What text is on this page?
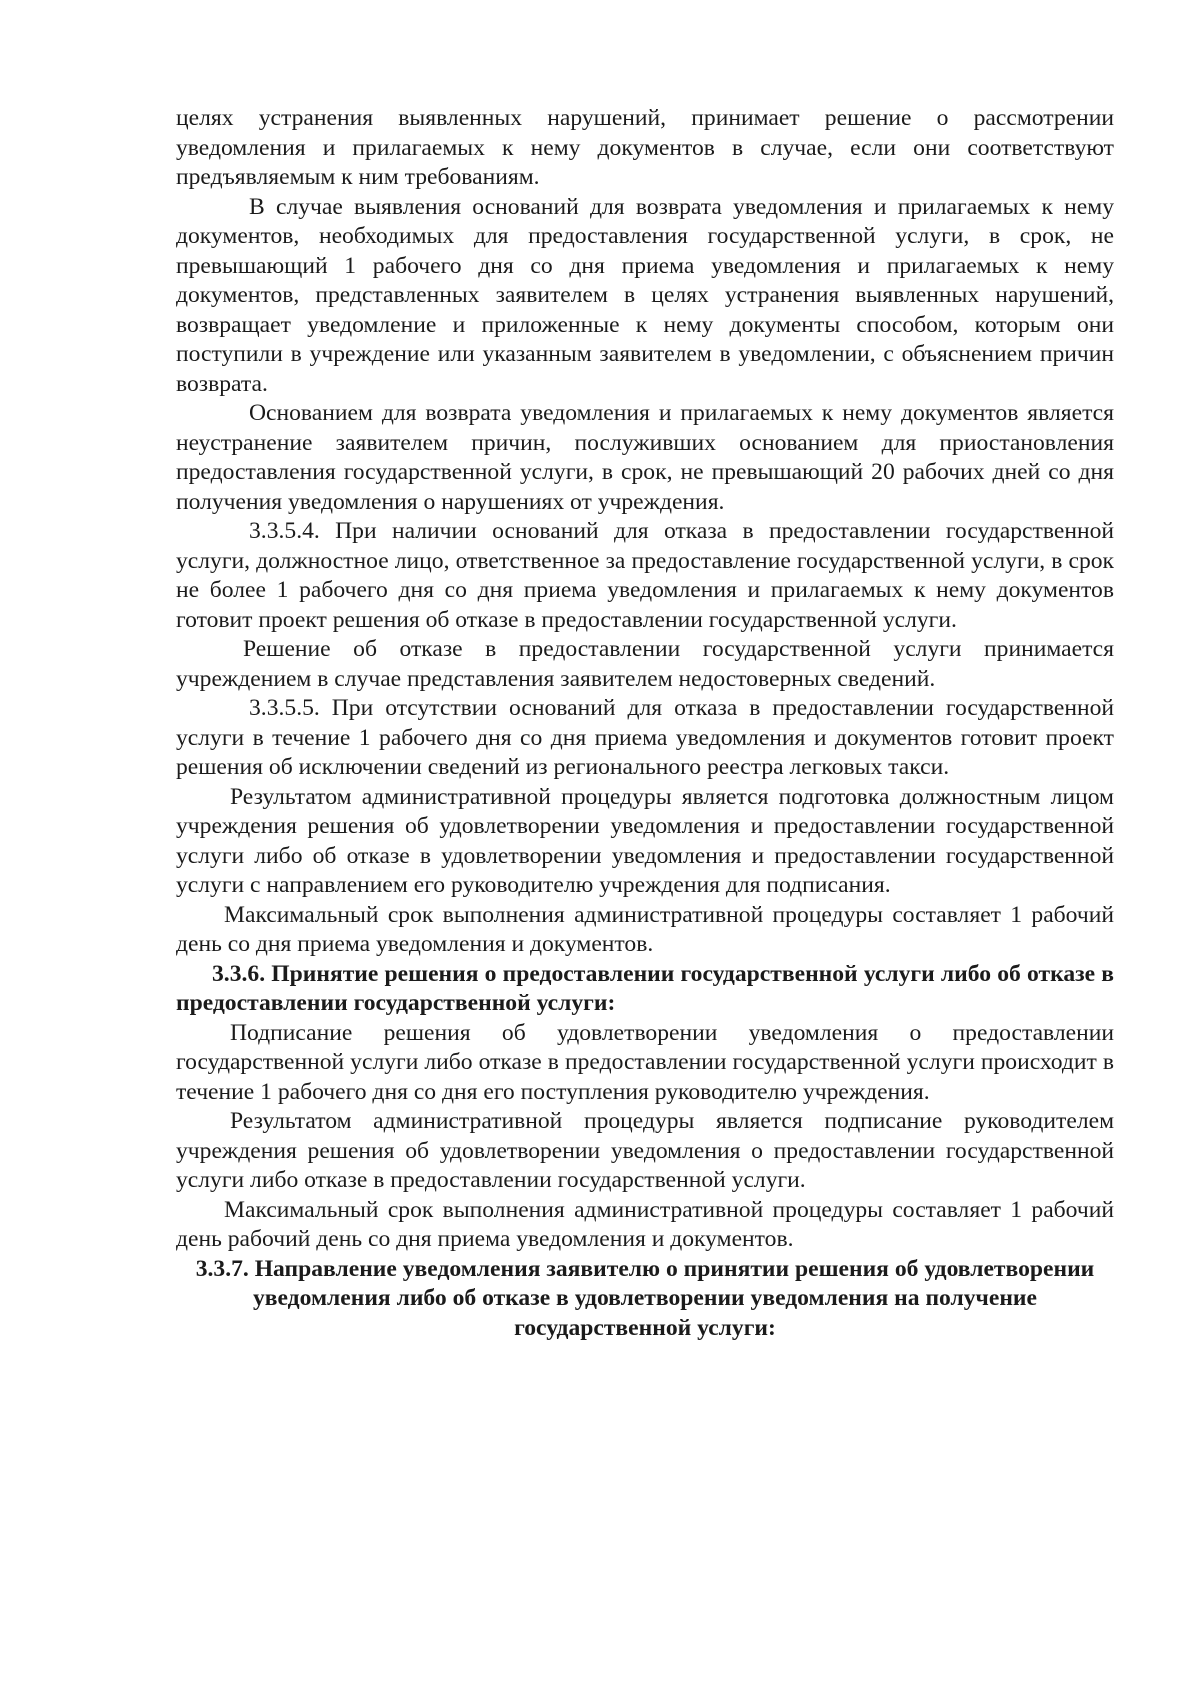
целях устранения выявленных нарушений, принимает решение о рассмотрении уведомления и прилагаемых к нему документов в случае, если они соответствуют предъявляемым к ним требованиям.

В случае выявления оснований для возврата уведомления и прилагаемых к нему документов, необходимых для предоставления государственной услуги, в срок, не превышающий 1 рабочего дня со дня приема уведомления и прилагаемых к нему документов, представленных заявителем в целях устранения выявленных нарушений, возвращает уведомление и приложенные к нему документы способом, которым они поступили в учреждение или указанным заявителем в уведомлении, с объяснением причин возврата.

Основанием для возврата уведомления и прилагаемых к нему документов является неустранение заявителем причин, послуживших основанием для приостановления предоставления государственной услуги, в срок, не превышающий 20 рабочих дней со дня получения уведомления о нарушениях от учреждения.

3.3.5.4. При наличии оснований для отказа в предоставлении государственной услуги, должностное лицо, ответственное за предоставление государственной услуги, в срок не более 1 рабочего дня со дня приема уведомления и прилагаемых к нему документов готовит проект решения об отказе в предоставлении государственной услуги.

Решение об отказе в предоставлении государственной услуги принимается учреждением в случае представления заявителем недостоверных сведений.

3.3.5.5. При отсутствии оснований для отказа в предоставлении государственной услуги в течение 1 рабочего дня со дня приема уведомления и документов готовит проект решения об исключении сведений из регионального реестра легковых такси.

Результатом административной процедуры является подготовка должностным лицом учреждения решения об удовлетворении уведомления и предоставлении государственной услуги либо об отказе в удовлетворении уведомления и предоставлении государственной услуги с направлением его руководителю учреждения для подписания.

Максимальный срок выполнения административной процедуры составляет 1 рабочий день со дня приема уведомления и документов.

3.3.6. Принятие решения о предоставлении государственной услуги либо об отказе в предоставлении государственной услуги:

Подписание решения об удовлетворении уведомления о предоставлении государственной услуги либо отказе в предоставлении государственной услуги происходит в течение 1 рабочего дня со дня его поступления руководителю учреждения.

Результатом административной процедуры является подписание руководителем учреждения решения об удовлетворении уведомления о предоставлении государственной услуги либо отказе в предоставлении государственной услуги.

Максимальный срок выполнения административной процедуры составляет 1 рабочий день рабочий день со дня приема уведомления и документов.

3.3.7. Направление уведомления заявителю о принятии решения об удовлетворении уведомления либо об отказе в удовлетворении уведомления на получение государственной услуги:
